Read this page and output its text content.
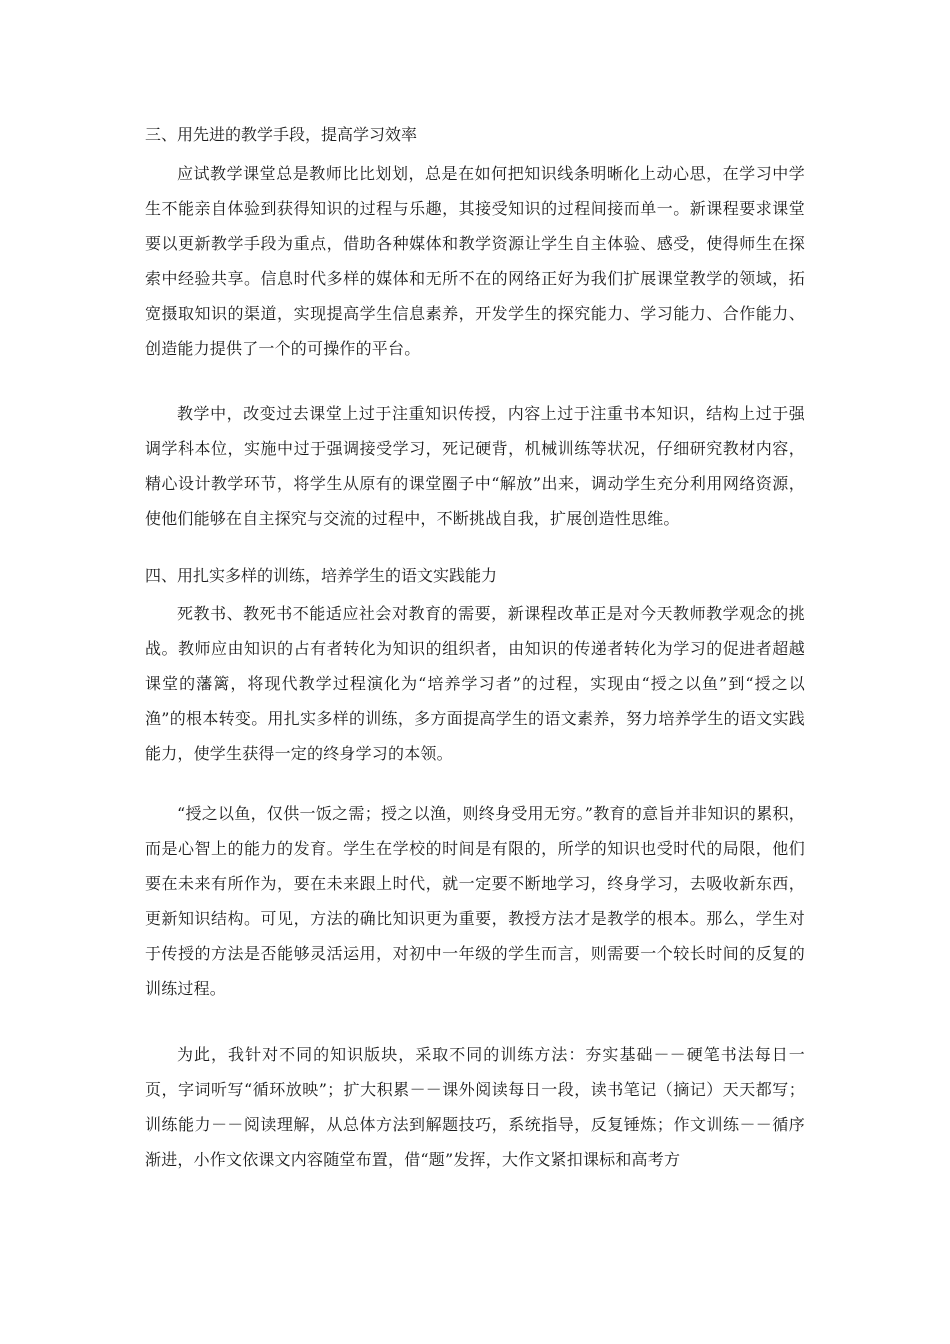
三、用先进的教学手段，提高学习效率

应试教学课堂总是教师比比划划，总是在如何把知识线条明晰化上动心思，在学习中学生不能亲自体验到获得知识的过程与乐趣，其接受知识的过程间接而单一。新课程要求课堂要以更新教学手段为重点，借助各种媒体和教学资源让学生自主体验、感受，使得师生在探索中经验共享。信息时代多样的媒体和无所不在的网络正好为我们扩展课堂教学的领域，拓宽摄取知识的渠道，实现提高学生信息素养，开发学生的探究能力、学习能力、合作能力、创造能力提供了一个的可操作的平台。

教学中，改变过去课堂上过于注重知识传授，内容上过于注重书本知识，结构上过于强调学科本位，实施中过于强调接受学习，死记硬背，机械训练等状况，仔细研究教材内容，精心设计教学环节，将学生从原有的课堂圈子中“解放”出来，调动学生充分利用网络资源，使他们能够在自主探究与交流的过程中，不断挑战自我，扩展创造性思维。

四、用扎实多样的训练，培养学生的语文实践能力

死教书、教死书不能适应社会对教育的需要，新课程改革正是对今天教师教学观念的挑战。教师应由知识的占有者转化为知识的组织者，由知识的传递者转化为学习的促进者超越课堂的藩篱，将现代教学过程演化为“培养学习者”的过程，实现由“授之以鱼”到“授之以渔”的根本转变。用扎实多样的训练，多方面提高学生的语文素养，努力培养学生的语文实践能力，使学生获得一定的终身学习的本领。

“授之以鱼，仅供一饭之需；授之以渔，则终身受用无穷。”教育的意旨并非知识的累积，而是心智上的能力的发育。学生在学校的时间是有限的，所学的知识也受时代的局限，他们要在未来有所作为，要在未来跟上时代，就一定要不断地学习，终身学习，去吸收新东西，更新知识结构。可见，方法的确比知识更为重要，教授方法才是教学的根本。那么，学生对于传授的方法是否能够灵活运用，对初中一年级的学生而言，则需要一个较长时间的反复的训练过程。

为此，我针对不同的知识版块，采取不同的训练方法：夯实基础－－硬笔书法每日一页，字词听写“循环放映”；扩大积累－－课外阅读每日一段，读书笔记（摘记）天天都写；训练能力－－阅读理解，从总体方法到解题技巧，系统指导，反复锤炼；作文训练－－循序渐进，小作文依课文内容随堂布置，借“题”发挥，大作文紧扣课标和高考方
